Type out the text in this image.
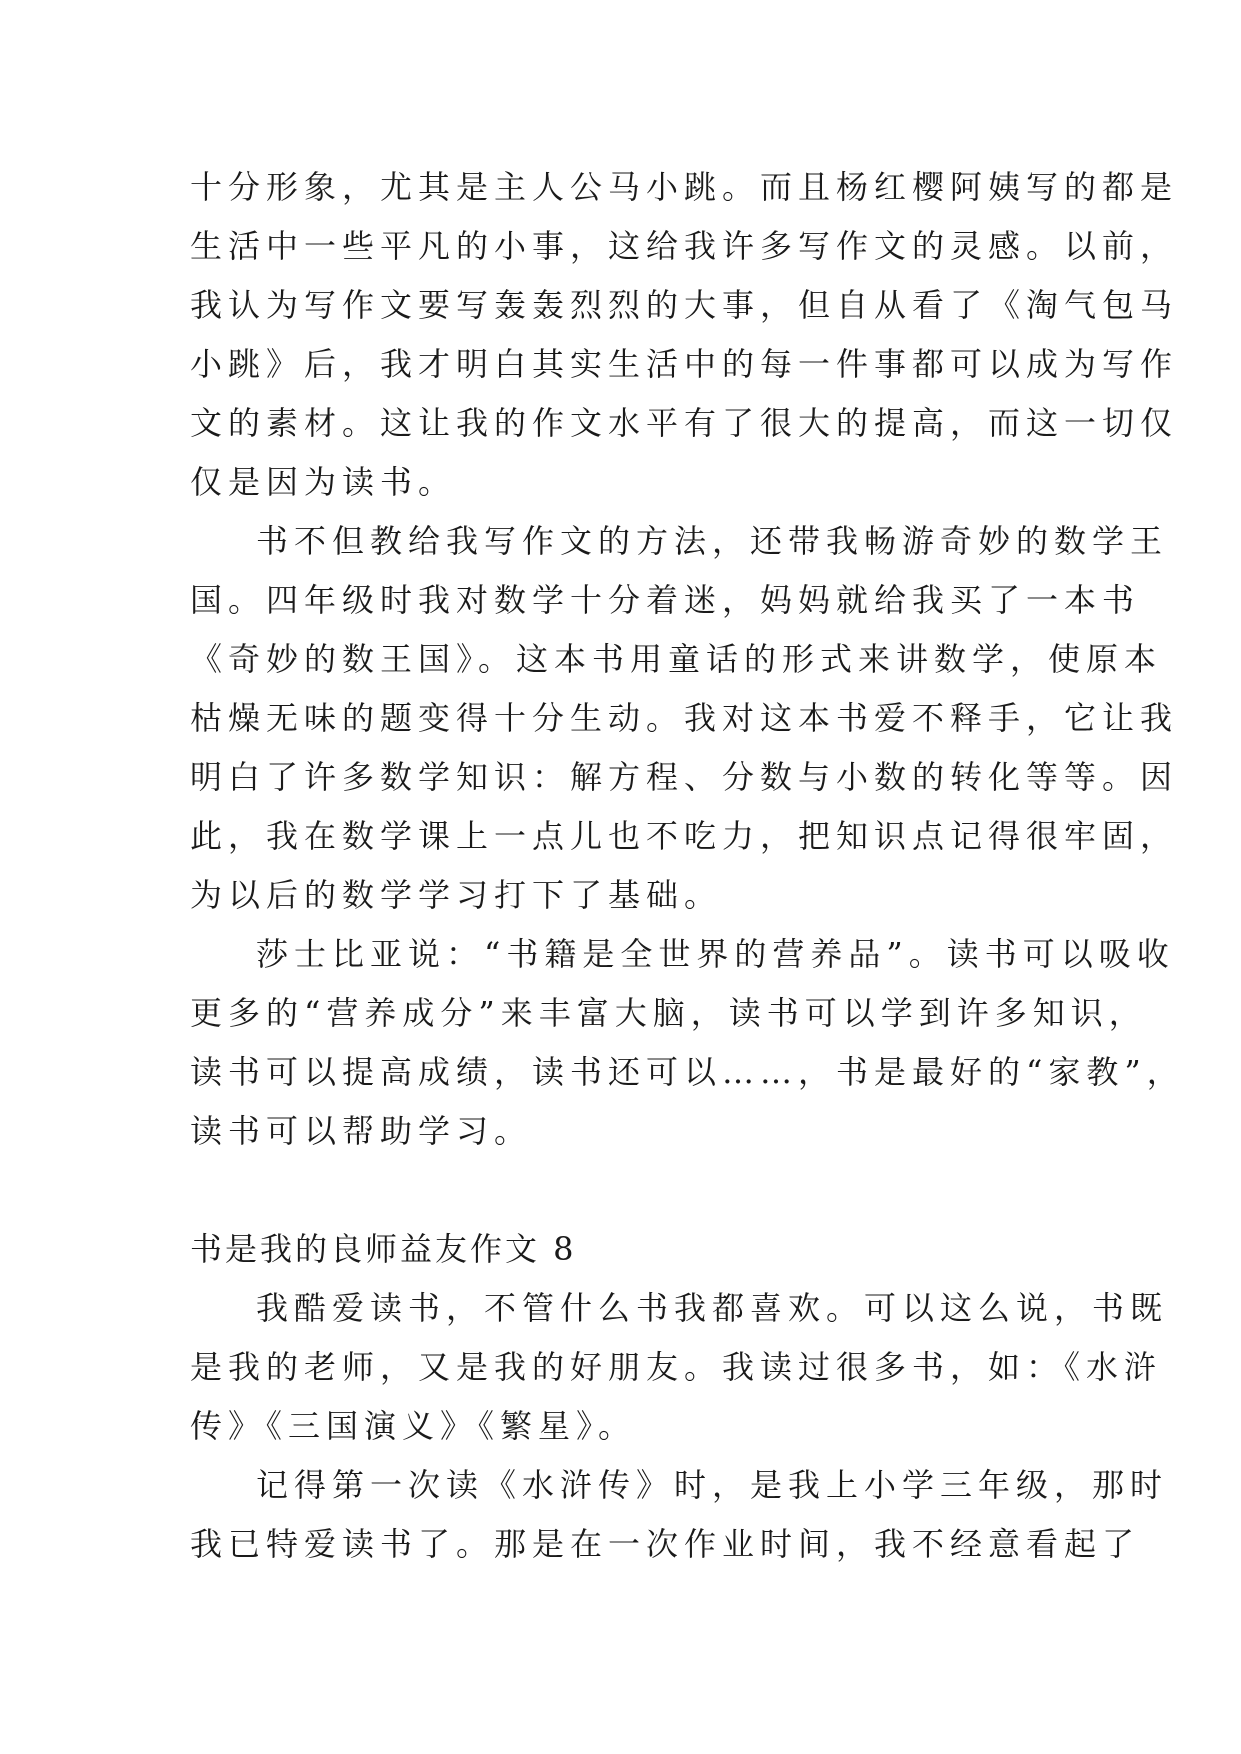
十分形象，尤其是主人公马小跳。而且杨红樱阿姨写的都是
生活中一些平凡的小事，这给我许多写作文的灵感。以前，
我认为写作文要写轰轰烈烈的大事，但自从看了《淘气包马
小跳》后，我才明白其实生活中的每一件事都可以成为写作
文的素材。这让我的作文水平有了很大的提高，而这一切仅
仅是因为读书。
书不但教给我写作文的方法，还带我畅游奇妙的数学王
国。四年级时我对数学十分着迷，妈妈就给我买了一本书
《奇妙的数王国》。这本书用童话的形式来讲数学，使原本
枯燥无味的题变得十分生动。我对这本书爱不释手，它让我
明白了许多数学知识：解方程、分数与小数的转化等等。因
此，我在数学课上一点儿也不吃力，把知识点记得很牢固，
为以后的数学学习打下了基础。
莎士比亚说：“书籍是全世界的营养品”。读书可以吸收
更多的“营养成分”来丰富大脑，读书可以学到许多知识，
读书可以提高成绩，读书还可以……，书是最好的“家教”，
读书可以帮助学习。
书是我的良师益友作文 8
我酷爱读书，不管什么书我都喜欢。可以这么说，书既
是我的老师，又是我的好朋友。我读过很多书，如：《水浒
传》《三国演义》《繁星》。
记得第一次读《水浒传》时，是我上小学三年级，那时
我已特爱读书了。那是在一次作业时间，我不经意看起了
